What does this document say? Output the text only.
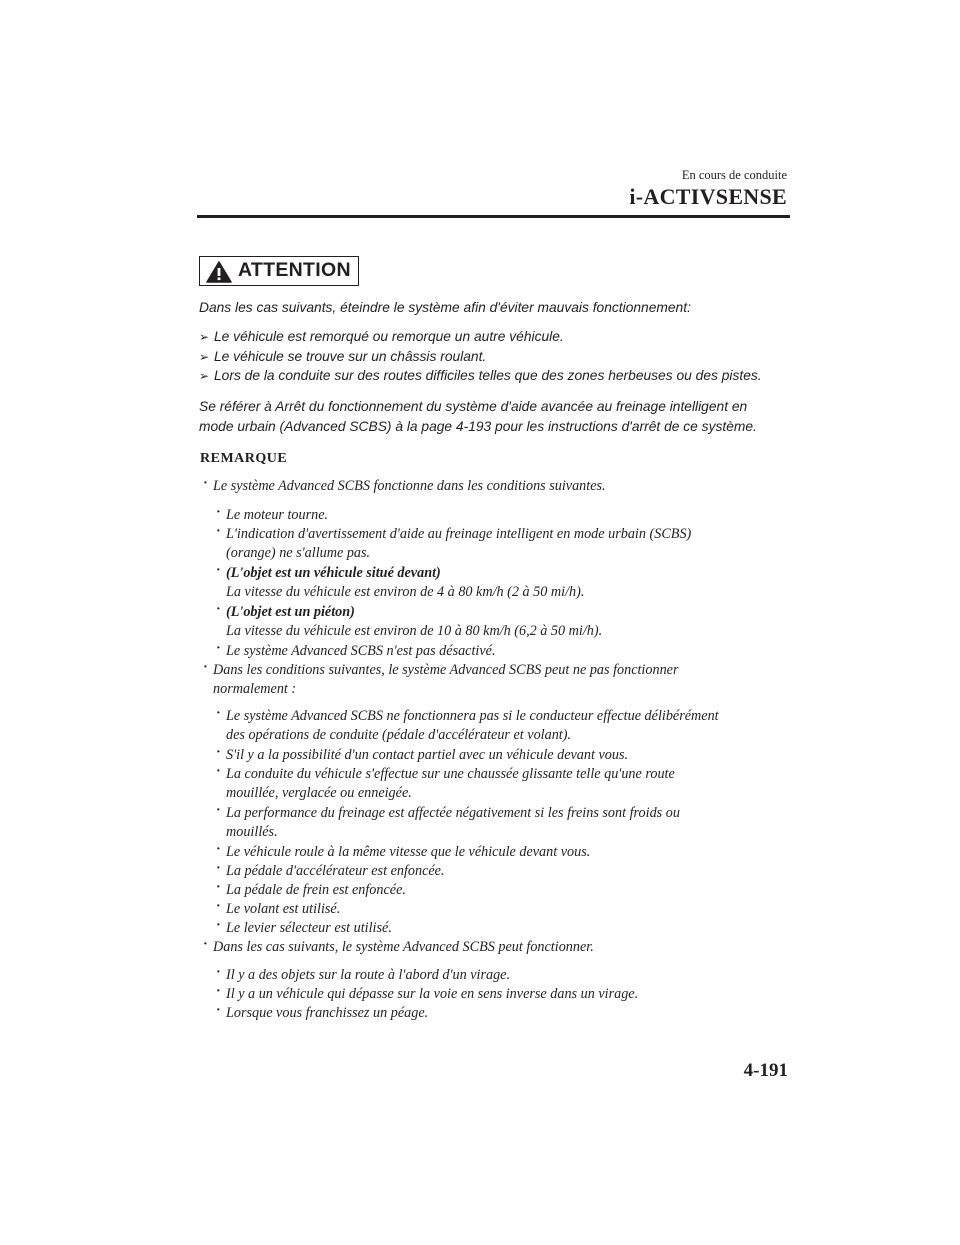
En cours de conduite
i-ACTIVSENSE
ATTENTION
Dans les cas suivants, éteindre le système afin d'éviter mauvais fonctionnement:
➢ Le véhicule est remorqué ou remorque un autre véhicule.
➢ Le véhicule se trouve sur un châssis roulant.
➢ Lors de la conduite sur des routes difficiles telles que des zones herbeuses ou des pistes.
Se référer à Arrêt du fonctionnement du système d'aide avancée au freinage intelligent en
mode urbain (Advanced SCBS) à la page 4-193 pour les instructions d'arrêt de ce système.
REMARQUE
· Le système Advanced SCBS fonctionne dans les conditions suivantes.
· Le moteur tourne.
· L'indication d'avertissement d'aide au freinage intelligent en mode urbain (SCBS)
(orange) ne s'allume pas.
· (L'objet est un véhicule situé devant)
La vitesse du véhicule est environ de 4 à 80 km/h (2 à 50 mi/h).
· (L'objet est un piéton)
La vitesse du véhicule est environ de 10 à 80 km/h (6,2 à 50 mi/h).
· Le système Advanced SCBS n'est pas désactivé.
· Dans les conditions suivantes, le système Advanced SCBS peut ne pas fonctionner
normalement :
· Le système Advanced SCBS ne fonctionnera pas si le conducteur effectue délibérément
des opérations de conduite (pédale d'accélérateur et volant).
· S'il y a la possibilité d'un contact partiel avec un véhicule devant vous.
· La conduite du véhicule s'effectue sur une chaussée glissante telle qu'une route
mouillée, verglacée ou enneigée.
· La performance du freinage est affectée négativement si les freins sont froids ou
mouillés.
· Le véhicule roule à la même vitesse que le véhicule devant vous.
· La pédale d'accélérateur est enfoncée.
· La pédale de frein est enfoncée.
· Le volant est utilisé.
· Le levier sélecteur est utilisé.
· Dans les cas suivants, le système Advanced SCBS peut fonctionner.
· Il y a des objets sur la route à l'abord d'un virage.
· Il y a un véhicule qui dépasse sur la voie en sens inverse dans un virage.
· Lorsque vous franchissez un péage.
4-191
